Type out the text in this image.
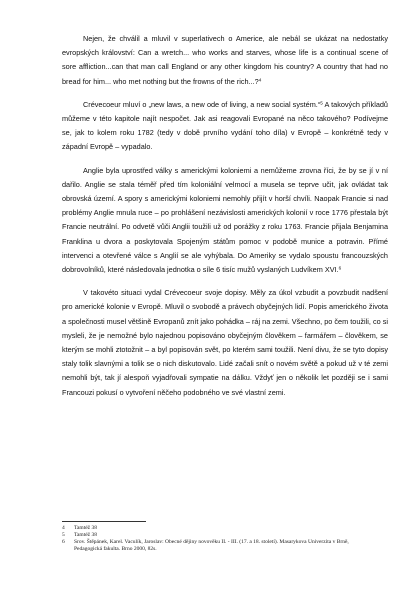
Nejen, že chválil a mluvil v superlativech o Americe, ale nebál se ukázat na nedostatky evropských království: Can a wretch... who works and starves, whose life is a continual scene of sore affliction...can that man call England or any other kingdom his country? A country that had no bread for him... who met nothing but the frowns of the rich...?$^4$

Crévecoeur mluví o „new laws, a new ode of living, a new social systém.“$^5$ A takových příkladů můžeme v této kapitole najít nespočet. Jak asi reagovali Evropané na něco takového? Podívejme se, jak to kolem roku 1782 (tedy v době prvního vydání toho díla) v Evropě – konkrétně tedy v západní Evropě – vypadalo.

Anglie byla uprostřed války s americkými koloniemi a nemůžeme zrovna říci, že by se jí v ní dařilo. Anglie se stala téměř před tím koloniální velmocí a musela se teprve učit, jak ovládat tak obrovská území. A spory s americkými koloniemi nemohly přijít v horší chvíli. Naopak Francie si nad problémy Anglie mnula ruce – po prohlášení nezávislosti amerických kolonií v roce 1776 přestala být Francie neutrální. Po odvetě vůči Anglii toužili už od porážky z roku 1763. Francie přijala Benjamina Franklina u dvora a poskytovala Spojeným státům pomoc v podobě munice a potravin. Přímé intervenci a otevřené válce s Anglií se ale vyhýbala. Do Ameriky se vydalo spoustu francouzských dobrovolníků, které následovala jednotka o síle 6 tisíc mužů vyslaných Ludvíkem XVI.$^6$

V takovéto situaci vydal Crévecoeur svoje dopisy. Měly za úkol vzbudit a povzbudit nadšení pro americké kolonie v Evropě. Mluvil o svobodě a právech obyčejných lidí. Popis amerického života a společnosti musel většině Evropanů znít jako pohádka – ráj na zemi. Všechno, po čem toužili, co si mysleli, že je nemožné bylo najednou popisováno obyčejným člověkem – farmářem – člověkem, se kterým se mohli ztotožnit – a byl popisován svět, po kterém sami toužili. Není divu, že se tyto dopisy staly tolik slavnými a tolik se o nich diskutovalo. Lidé začali snít o novém světě a pokud už v té zemi nemohli být, tak jí alespoň vyjadřovali sympatie na dálku. Vždyť jen o několik let později se i sami Francouzi pokusí o vytvoření něčeho podobného ve své vlastní zemi.

4	Tamtéž 38
5	Tamtéž 38
6	Srov. Štěpánek, Karel. Vaculík, Jaroslav: Obecné dějiny novověku II. - III. (17. a 18. století). Masarykova Univerzita v Brně, Pedagogická fakulta. Brno 2000, 82s.
